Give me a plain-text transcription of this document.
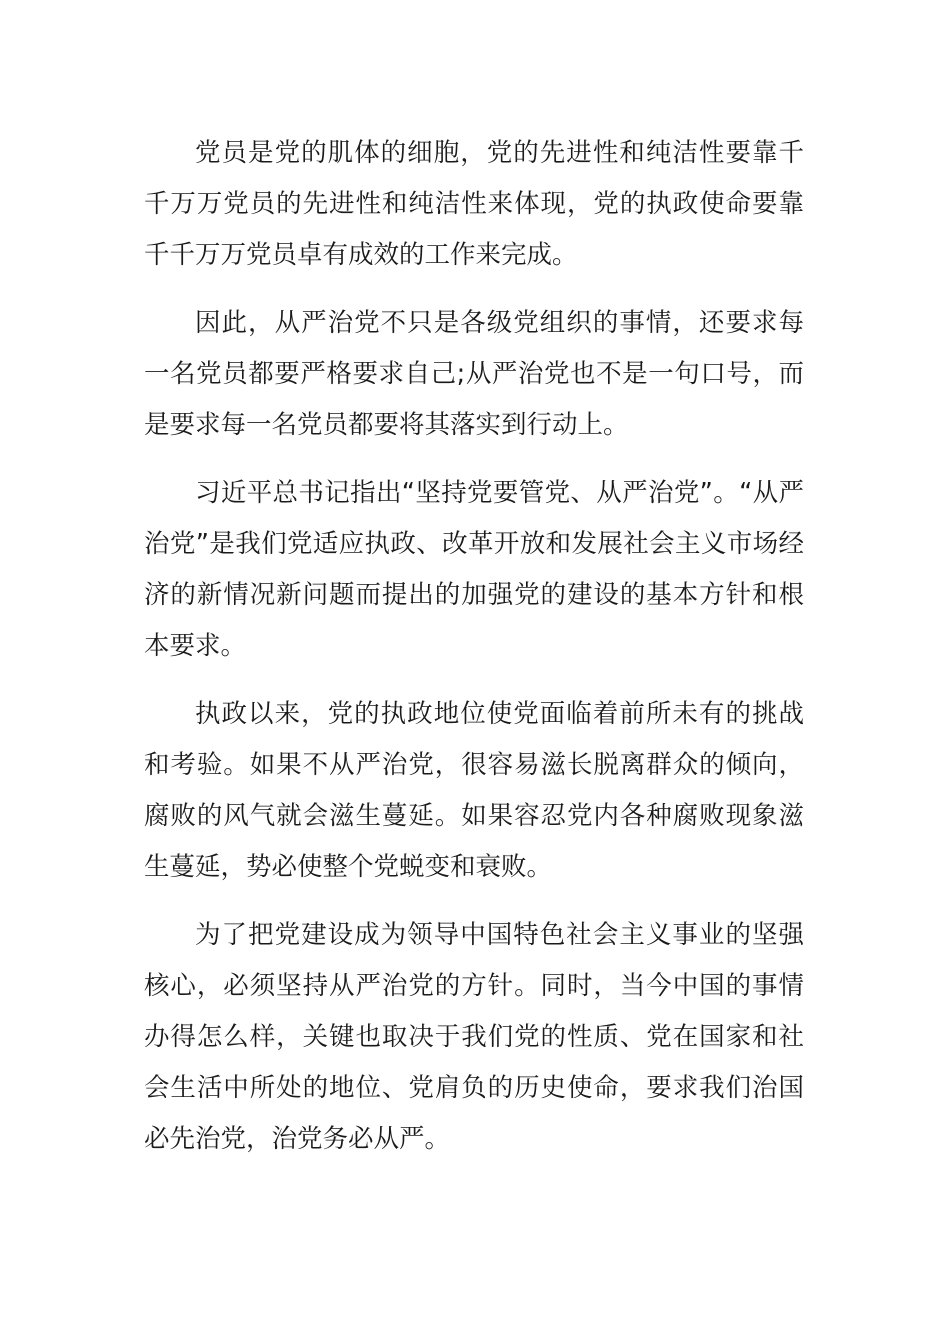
党员是党的肌体的细胞，党的先进性和纯洁性要靠千千万万党员的先进性和纯洁性来体现，党的执政使命要靠千千万万党员卓有成效的工作来完成。

因此，从严治党不只是各级党组织的事情，还要求每一名党员都要严格要求自己;从严治党也不是一句口号，而是要求每一名党员都要将其落实到行动上。

习近平总书记指出“坚持党要管党、从严治党”。“从严治党”是我们党适应执政、改革开放和发展社会主义市场经济的新情况新问题而提出的加强党的建设的基本方针和根本要求。

执政以来，党的执政地位使党面临着前所未有的挑战和考验。如果不从严治党，很容易滋长脱离群众的倾向，腐败的风气就会滋生蔓延。如果容忍党内各种腐败现象滋生蔓延，势必使整个党蜕变和衰败。

为了把党建设成为领导中国特色社会主义事业的坚强核心，必须坚持从严治党的方针。同时，当今中国的事情办得怎么样，关键也取决于我们党的性质、党在国家和社会生活中所处的地位、党肩负的历史使命，要求我们治国必先治党，治党务必从严。
